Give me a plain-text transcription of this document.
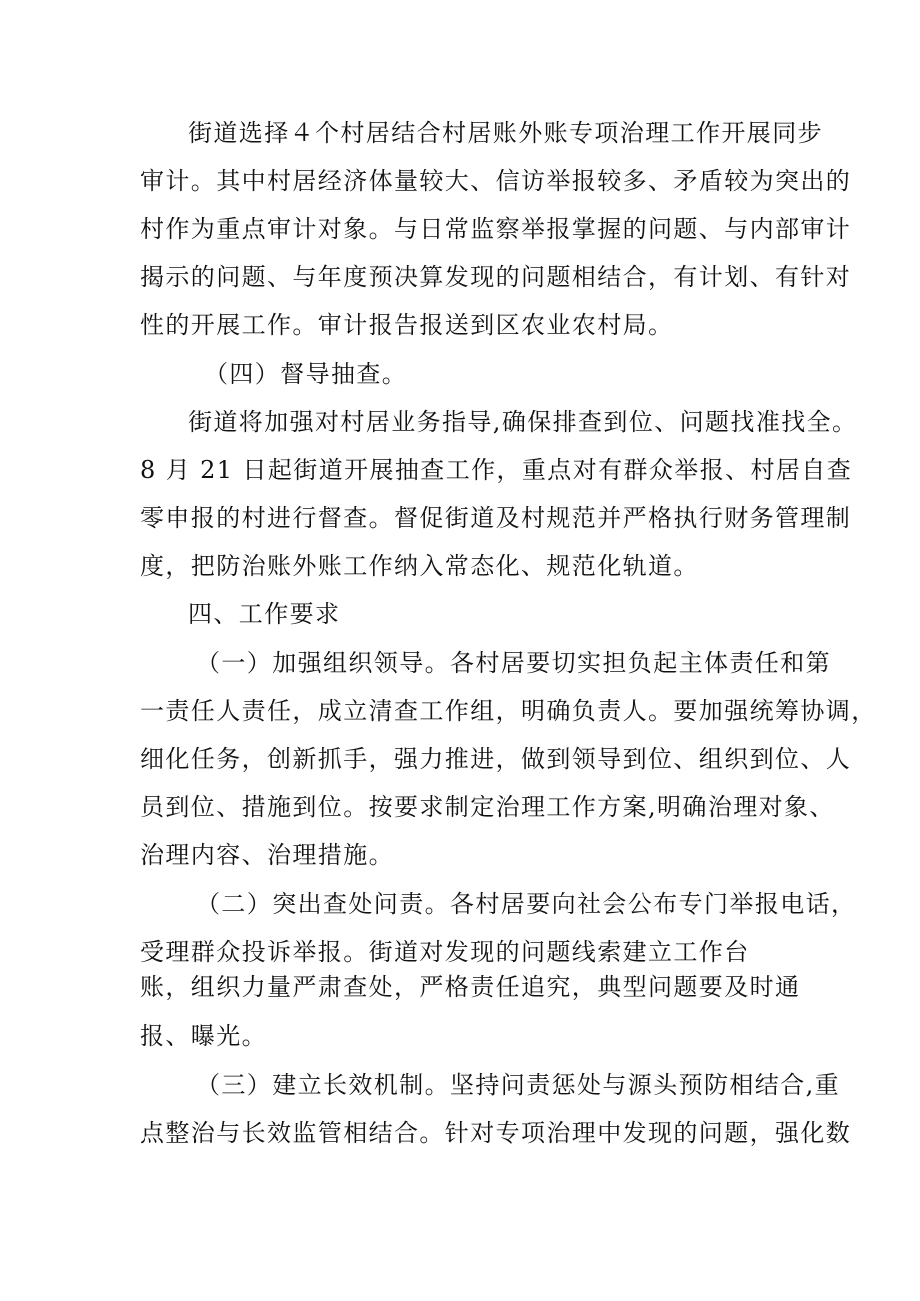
街道选择４个村居结合村居账外账专项治理工作开展同步
审计。其中村居经济体量较大、信访举报较多、矛盾较为突出的
村作为重点审计对象。与日常监察举报掌握的问题、与内部审计
揭示的问题、与年度预决算发现的问题相结合，有计划、有针对
性的开展工作。审计报告报送到区农业农村局。
（四）督导抽查。
街道将加强对村居业务指导,确保排查到位、问题找准找全。
8 月 21 日起街道开展抽查工作，重点对有群众举报、村居自查
零申报的村进行督查。督促街道及村规范并严格执行财务管理制
度，把防治账外账工作纳入常态化、规范化轨道。
四、工作要求
（一）加强组织领导。各村居要切实担负起主体责任和第
一责任人责任，成立清查工作组，明确负责人。要加强统筹协调，
细化任务，创新抓手，强力推进，做到领导到位、组织到位、人
员到位、措施到位。按要求制定治理工作方案,明确治理对象、
治理内容、治理措施。
（二）突出查处问责。各村居要向社会公布专门举报电话，
受理群众投诉举报。街道对发现的问题线索建立工作台
账，组织力量严肃查处，严格责任追究，典型问题要及时通
报、曝光。
（三）建立长效机制。坚持问责惩处与源头预防相结合,重
点整治与长效监管相结合。针对专项治理中发现的问题，强化数
